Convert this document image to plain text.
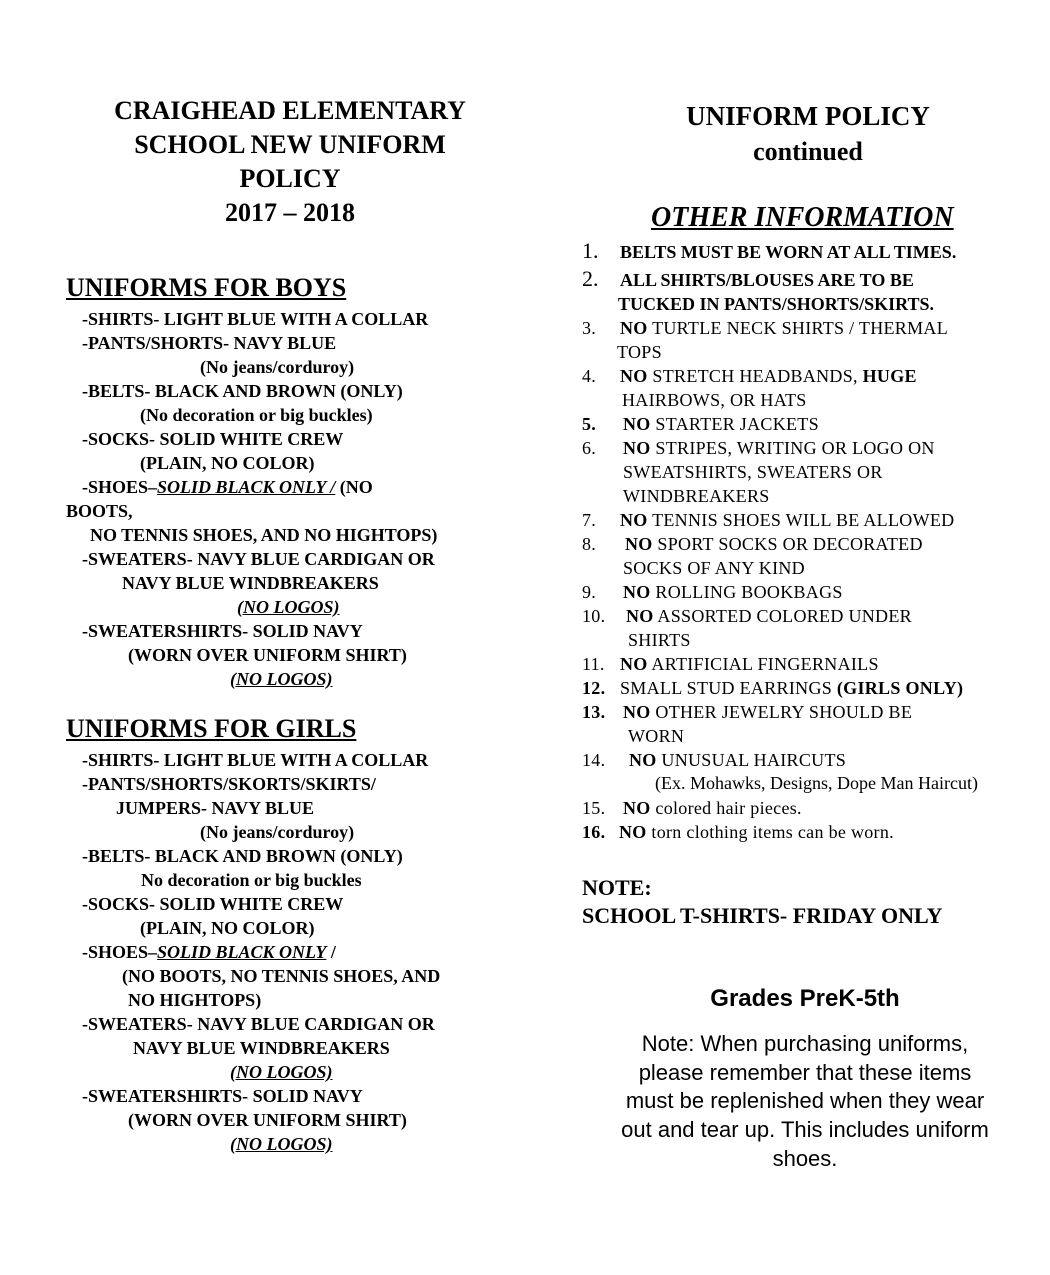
CRAIGHEAD ELEMENTARY
SCHOOL NEW UNIFORM
POLICY
2017 – 2018
UNIFORMS FOR BOYS
-SHIRTS- LIGHT BLUE WITH A COLLAR
-PANTS/SHORTS- NAVY BLUE
(No jeans/corduroy)
-BELTS- BLACK AND BROWN (ONLY)
(No decoration or big buckles)
-SOCKS- SOLID WHITE CREW
(PLAIN, NO COLOR)
-SHOES–SOLID BLACK ONLY / (NO
BOOTS,
NO TENNIS SHOES, AND NO HIGHTOPS)
-SWEATERS- NAVY BLUE CARDIGAN OR
NAVY BLUE WINDBREAKERS
(NO LOGOS)
-SWEATERSHIRTS- SOLID NAVY
(WORN OVER UNIFORM SHIRT)
(NO LOGOS)
UNIFORMS FOR GIRLS
-SHIRTS- LIGHT BLUE WITH A COLLAR
-PANTS/SHORTS/SKORTS/SKIRTS/
JUMPERS- NAVY BLUE
(No jeans/corduroy)
-BELTS- BLACK AND BROWN (ONLY)
No decoration or big buckles
-SOCKS- SOLID WHITE CREW
(PLAIN, NO COLOR)
-SHOES–SOLID BLACK ONLY /
(NO BOOTS, NO TENNIS SHOES, AND
NO HIGHTOPS)
-SWEATERS- NAVY BLUE CARDIGAN OR
NAVY BLUE WINDBREAKERS
(NO LOGOS)
-SWEATERSHIRTS- SOLID NAVY
(WORN OVER UNIFORM SHIRT)
(NO LOGOS)
UNIFORM POLICY
continued
OTHER INFORMATION
1. BELTS MUST BE WORN AT ALL TIMES.
2. ALL SHIRTS/BLOUSES ARE TO BE
TUCKED IN PANTS/SHORTS/SKIRTS.
3. NO TURTLE NECK SHIRTS / THERMAL
TOPS
4. NO STRETCH HEADBANDS, HUGE
HAIRBOWS, OR HATS
5. NO STARTER JACKETS
6. NO STRIPES, WRITING OR LOGO ON
SWEATSHIRTS, SWEATERS OR
WINDBREAKERS
7. NO TENNIS SHOES WILL BE ALLOWED
8. NO SPORT SOCKS OR DECORATED
SOCKS OF ANY KIND
9. NO ROLLING BOOKBAGS
10. NO ASSORTED COLORED UNDER
SHIRTS
11. NO ARTIFICIAL FINGERNAILS
12. SMALL STUD EARRINGS (GIRLS ONLY)
13. NO OTHER JEWELRY SHOULD BE
WORN
14. NO UNUSUAL HAIRCUTS
(Ex. Mohawks, Designs, Dope Man Haircut)
15. NO colored hair pieces.
16. NO torn clothing items can be worn.
NOTE:
SCHOOL T-SHIRTS- FRIDAY ONLY
Grades PreK-5th
Note: When purchasing uniforms,
please remember that these items
must be replenished when they wear
out and tear up. This includes uniform
shoes.
